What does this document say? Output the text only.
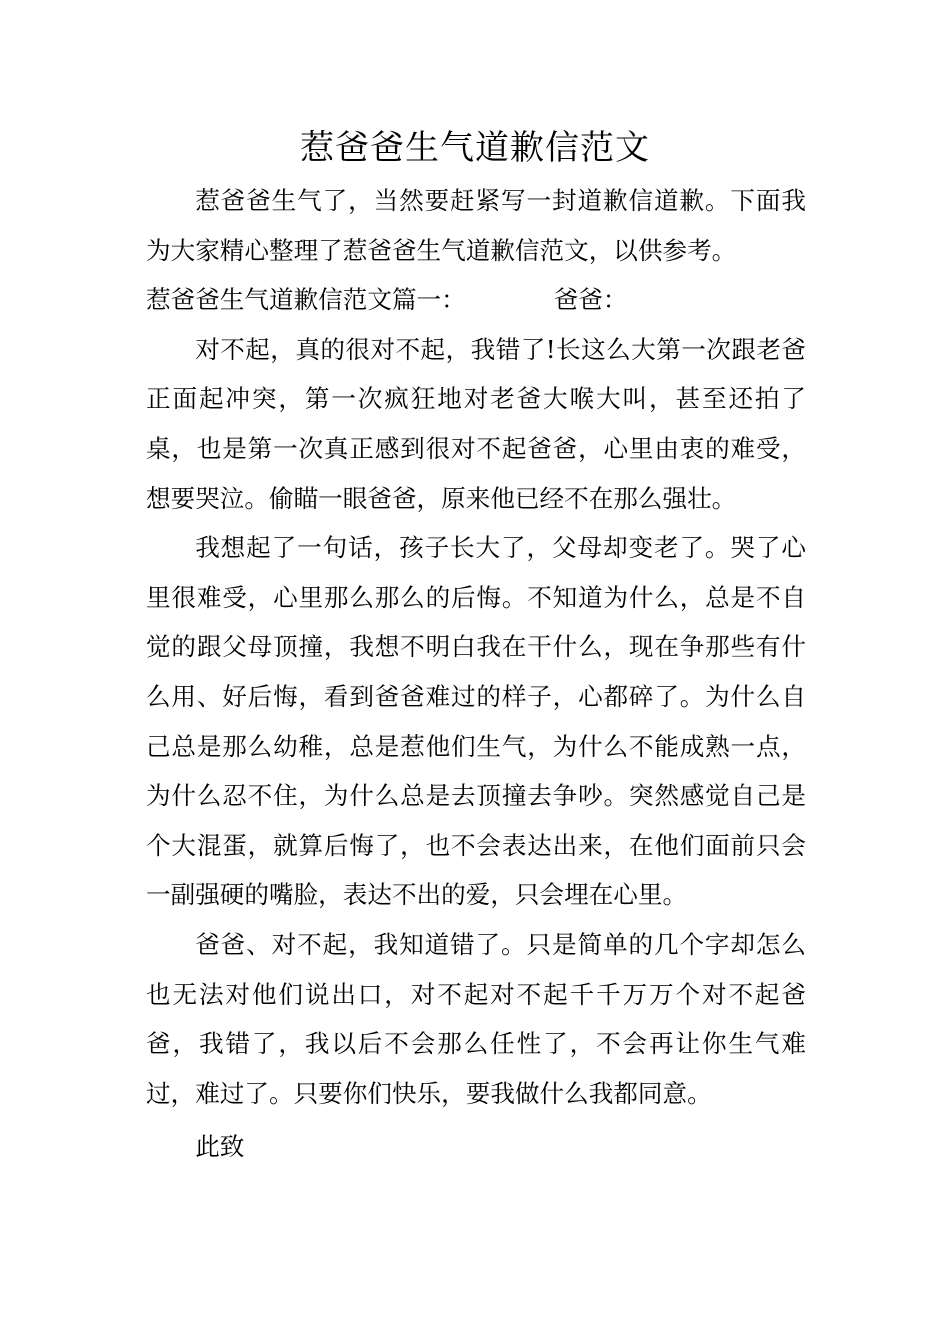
惹爸爸生气道歉信范文

惹爸爸生气了，当然要赶紧写一封道歉信道歉。下面我为大家精心整理了惹爸爸生气道歉信范文，以供参考。

惹爸爸生气道歉信范文篇一：	爸爸：

对不起，真的很对不起，我错了!长这么大第一次跟老爸正面起冲突，第一次疯狂地对老爸大喉大叫，甚至还拍了桌，也是第一次真正感到很对不起爸爸，心里由衷的难受，想要哭泣。偷瞄一眼爸爸，原来他已经不在那么强壮。

我想起了一句话，孩子长大了，父母却变老了。哭了心里很难受，心里那么那么的后悔。不知道为什么，总是不自觉的跟父母顶撞，我想不明白我在干什么，现在争那些有什么用、好后悔，看到爸爸难过的样子，心都碎了。为什么自己总是那么幼稚，总是惹他们生气，为什么不能成熟一点，为什么忍不住，为什么总是去顶撞去争吵。突然感觉自己是个大混蛋，就算后悔了，也不会表达出来，在他们面前只会一副强硬的嘴脸，表达不出的爱，只会埋在心里。

爸爸、对不起，我知道错了。只是简单的几个字却怎么也无法对他们说出口，对不起对不起千千万万个对不起爸爸，我错了，我以后不会那么任性了，不会再让你生气难过，难过了。只要你们快乐，要我做什么我都同意。

此致
